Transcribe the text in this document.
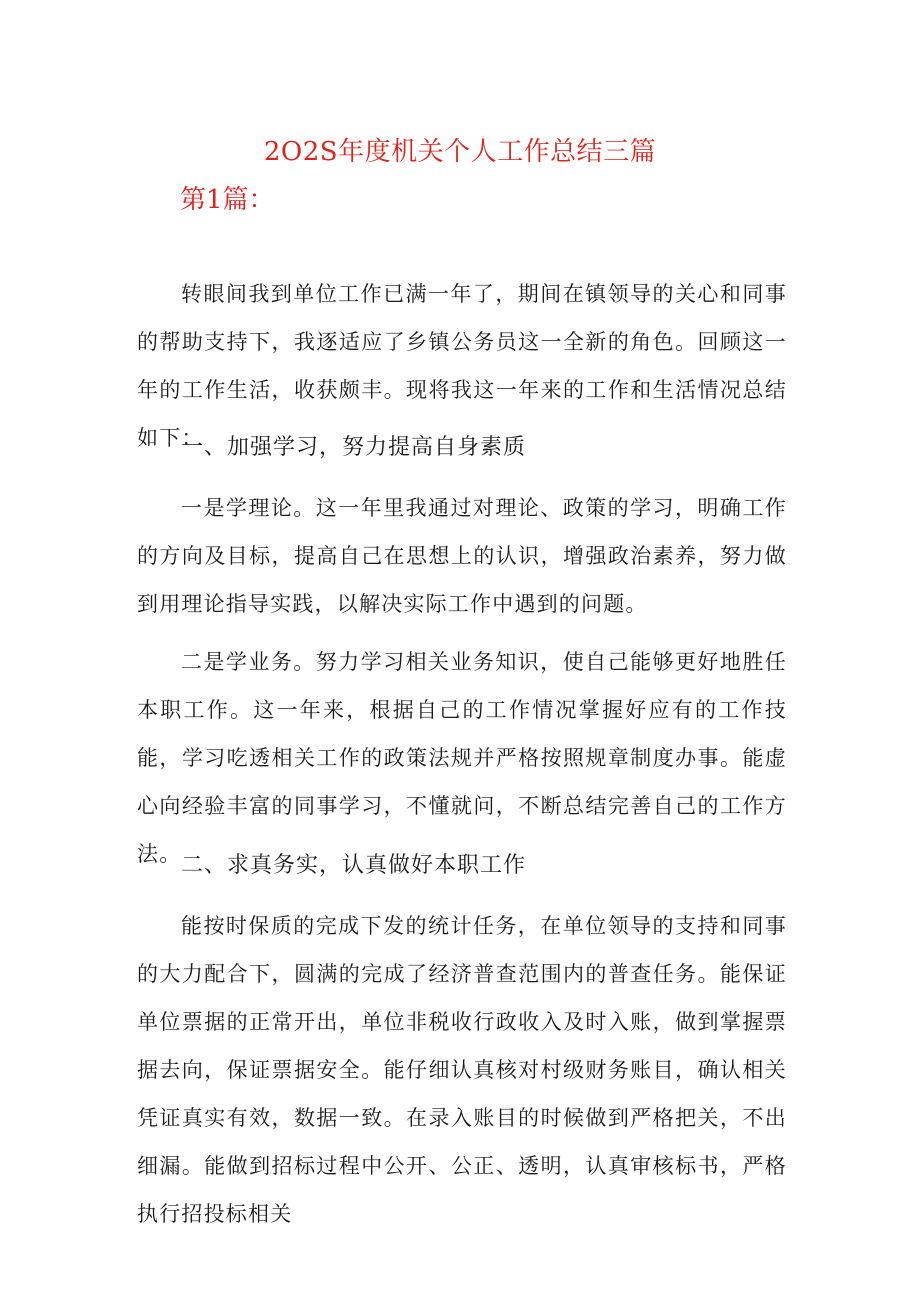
2O2S年度机关个人工作总结三篇
第1篇：

转眼间我到单位工作已满一年了，期间在镇领导的关心和同事的帮助支持下，我逐适应了乡镇公务员这一全新的角色。回顾这一年的工作生活，收获颇丰。现将我这一年来的工作和生活情况总结如下：

一、加强学习，努力提高自身素质

一是学理论。这一年里我通过对理论、政策的学习，明确工作的方向及目标，提高自己在思想上的认识，增强政治素养，努力做到用理论指导实践，以解决实际工作中遇到的问题。

二是学业务。努力学习相关业务知识，使自己能够更好地胜任本职工作。这一年来，根据自己的工作情况掌握好应有的工作技能，学习吃透相关工作的政策法规并严格按照规章制度办事。能虚心向经验丰富的同事学习，不懂就问，不断总结完善自己的工作方法。 二、求真务实，认真做好本职工作

能按时保质的完成下发的统计任务，在单位领导的支持和同事的大力配合下，圆满的完成了经济普查范围内的普查任务。能保证单位票据的正常开出，单位非税收行政收入及时入账，做到掌握票据去向，保证票据安全。能仔细认真核对村级财务账目，确认相关凭证真实有效，数据一致。在录入账目的时候做到严格把关，不出细漏。能做到招标过程中公开、公正、透明，认真审核标书，严格执行招投标相关
